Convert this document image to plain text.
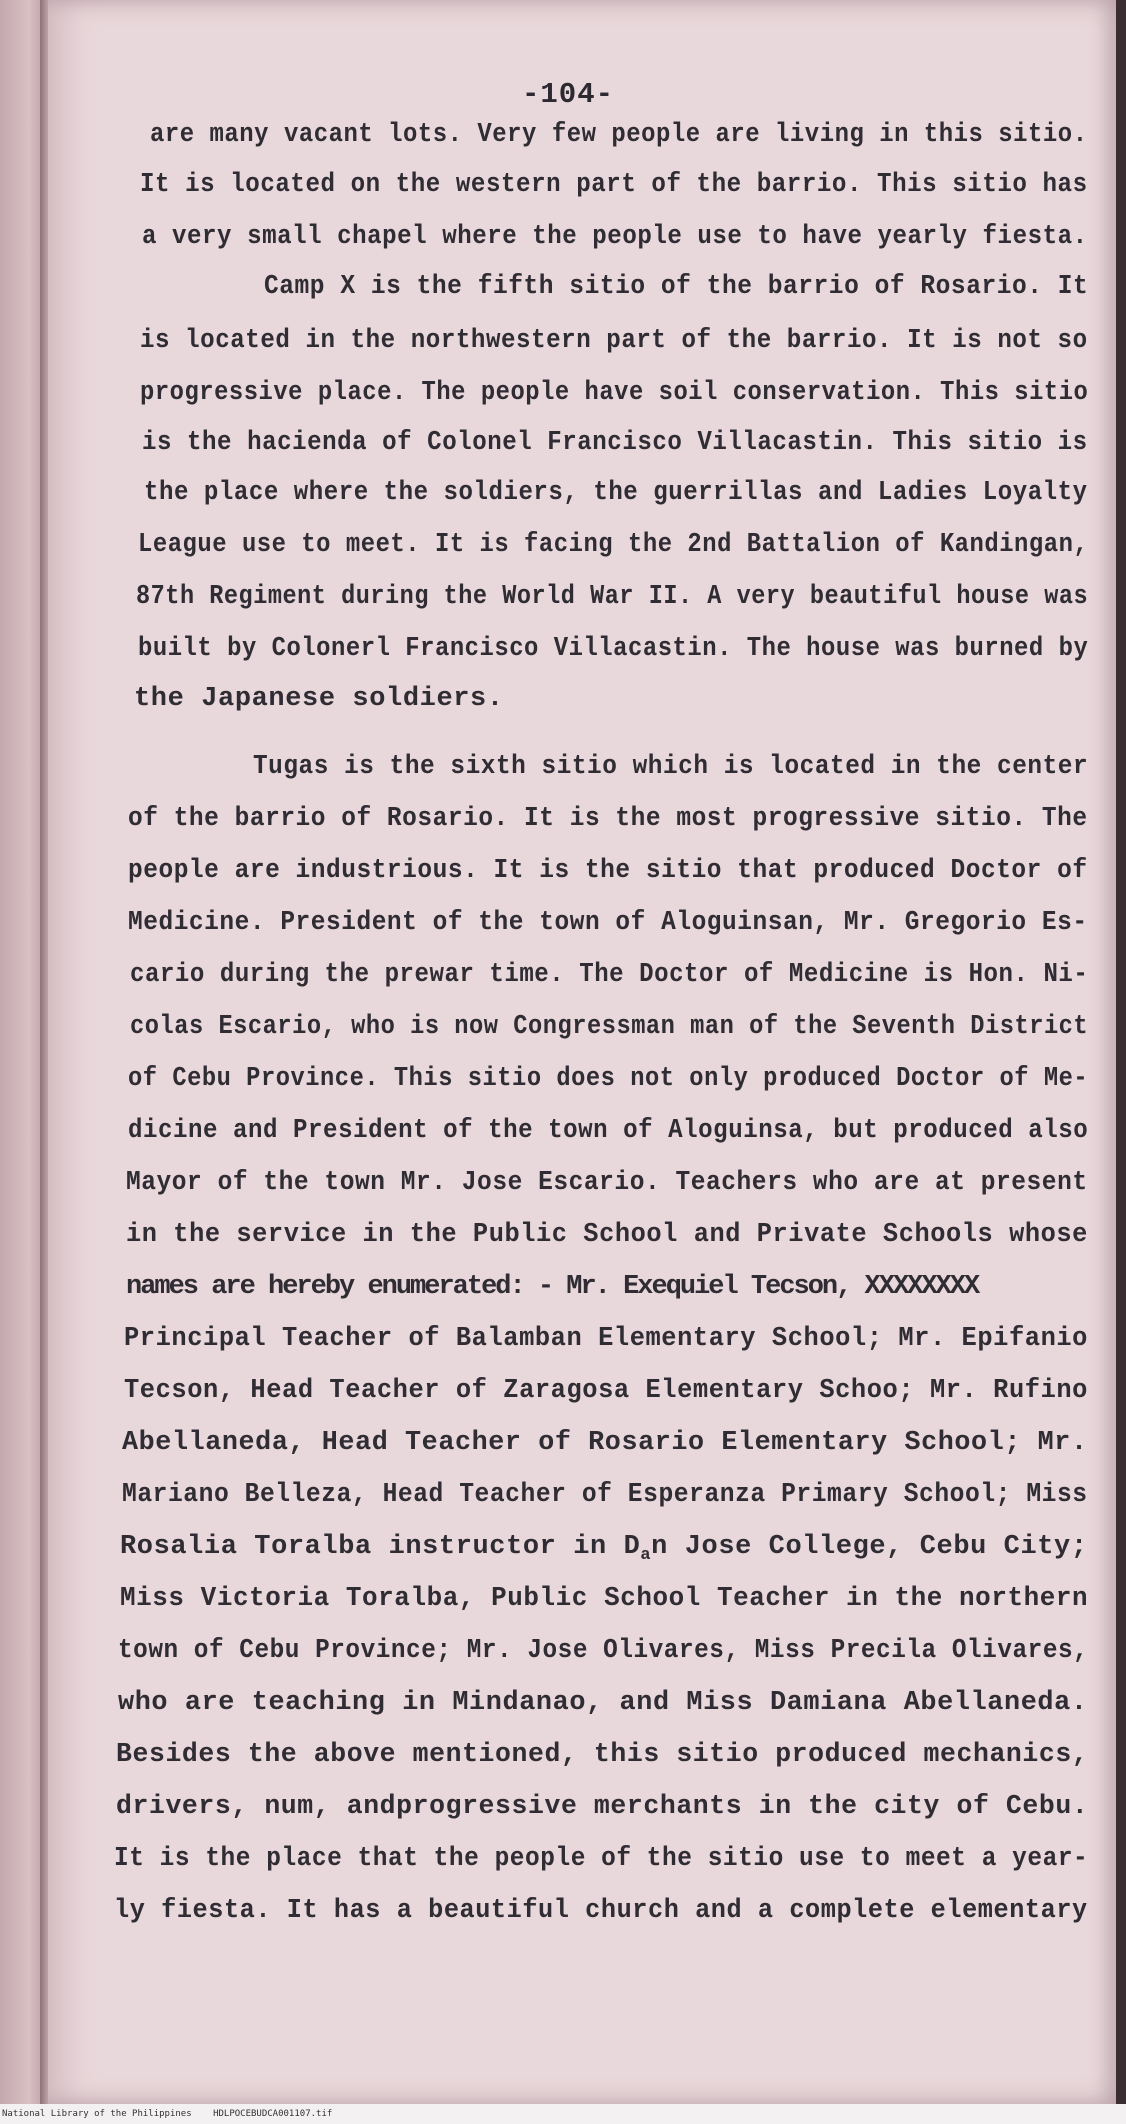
-104-
are many vacant lots. Very few people are living in this sitio.
It is located on the western part of the barrio. This sitio has
a very small chapel where the people use to have yearly fiesta.
Camp X is the fifth sitio of the barrio of Rosario. It
is located in the northwestern part of the barrio. It is not so
progressive place. The people have soil conservation. This sitio
is the hacienda of Colonel Francisco Villacastin. This sitio is
the place where the soldiers, the guerrillas and Ladies Loyalty
League use to meet. It is facing the 2nd Battalion of Kandingan,
87th Regiment during the World War II. A very beautiful house was
built by Colonerl Francisco Villacastin. The house was burned by
the Japanese soldiers.
Tugas is the sixth sitio which is located in the center
of the barrio of Rosario. It is the most progressive sitio. The
people are industrious. It is the sitio that produced Doctor of
Medicine. President of the town of Aloguinsan, Mr. Gregorio Es-
cario during the prewar time. The Doctor of Medicine is Hon. Ni-
colas Escario, who is now Congressman man of the Seventh District
of Cebu Province. This sitio does not only produced Doctor of Me-
dicine and President of the town of Aloguinsa, but produced also
Mayor of the town Mr. Jose Escario. Teachers who are at present
in the service in the Public School and Private Schools whose
names are hereby enumerated: - Mr. Exequiel Tecson, XXXXXXXX
Principal Teacher of Balamban Elementary School; Mr. Epifanio
Tecson, Head Teacher of Zaragosa Elementary Schoo; Mr. Rufino
Abellaneda, Head Teacher of Rosario Elementary School; Mr.
Mariano Belleza, Head Teacher of Esperanza Primary School; Miss
Rosalia Toralba instructor in $D_an$ Jose College, Cebu City;
Miss Victoria Toralba, Public School Teacher in the northern
town of Cebu Province; Mr. Jose Olivares, Miss Precila Olivares,
who are teaching in Mindanao, and Miss Damiana Abellaneda.
Besides the above mentioned, this sitio produced mechanics,
drivers, num, andprogressive merchants in the city of Cebu.
It is the place that the people of the sitio use to meet a year-
ly fiesta. It has a beautiful church and a complete elementary
National Library of the Philippines HDLPOCEBUDCA001107.tif
